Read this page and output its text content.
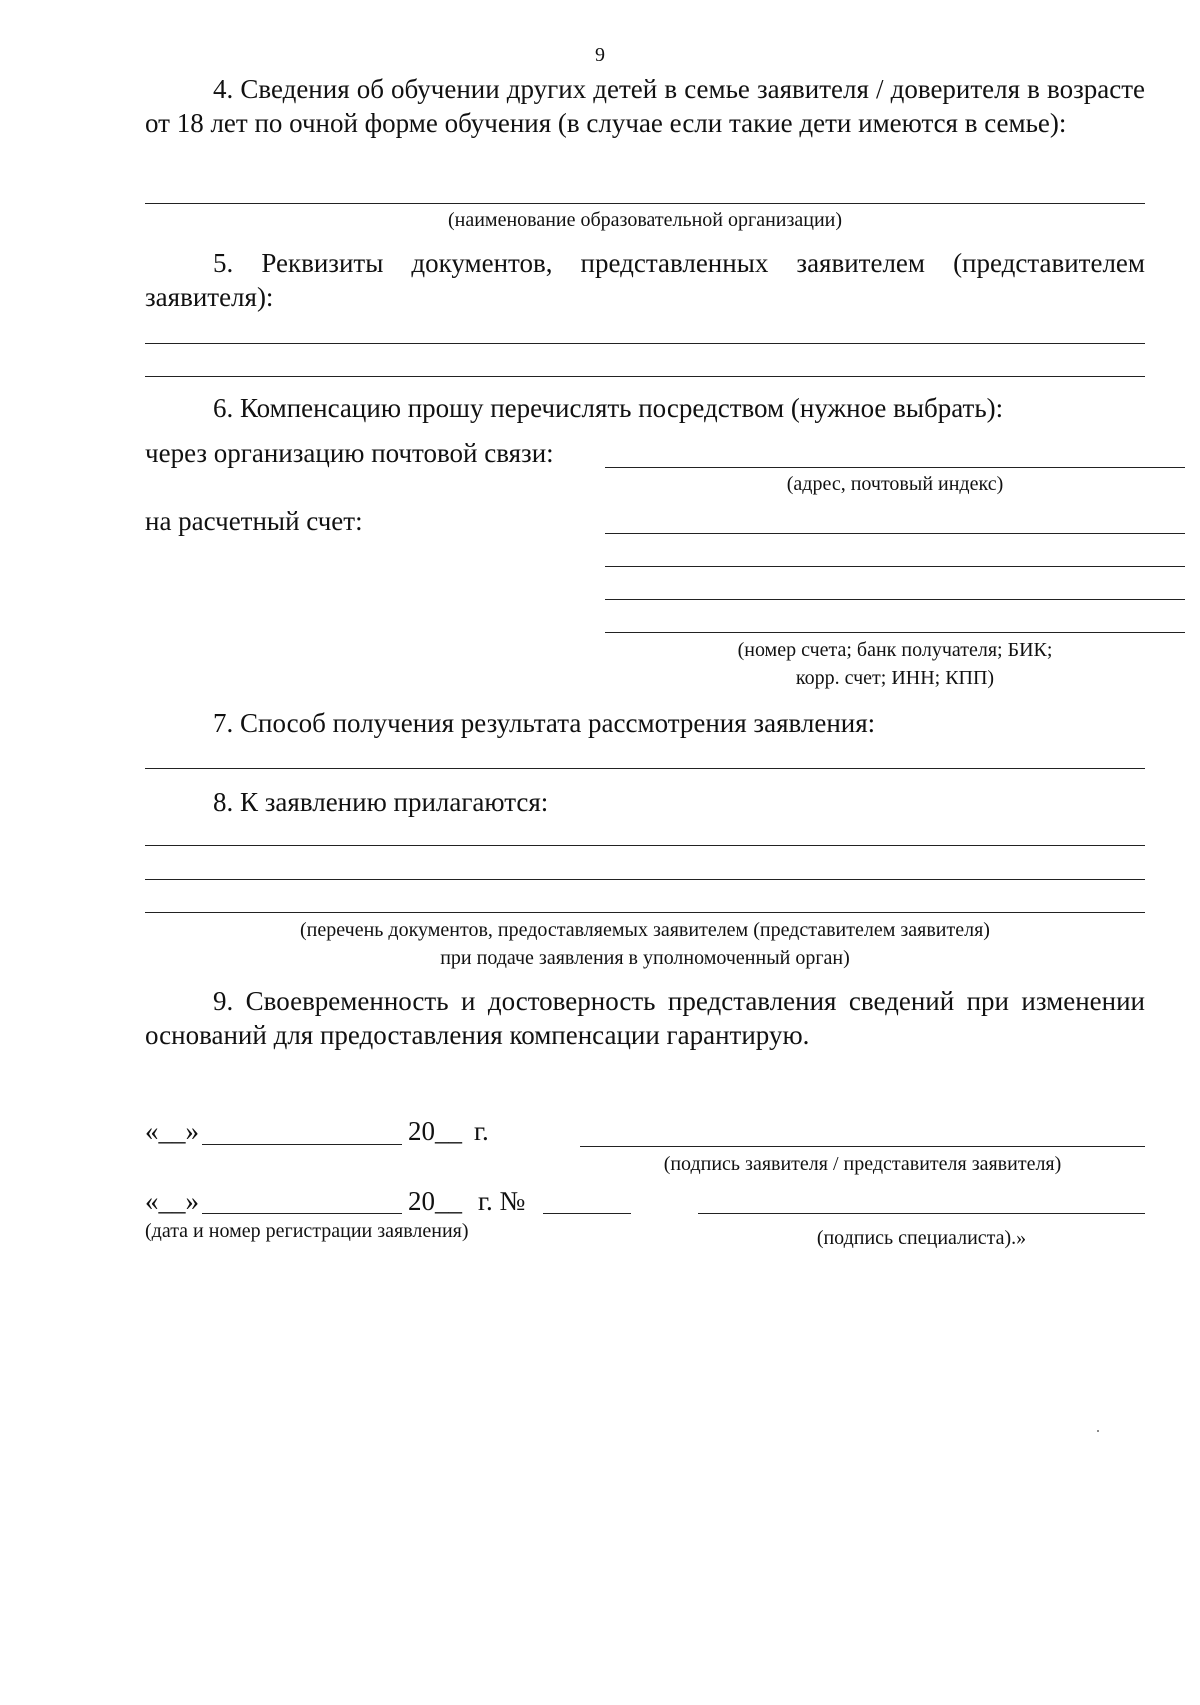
9
4. Сведения об обучении других детей в семье заявителя / доверителя в возрасте от 18 лет по очной форме обучения (в случае если такие дети имеются в семье):
(наименование образовательной организации)
5. Реквизиты документов, представленных заявителем (представителем заявителя):
6. Компенсацию прошу перечислять посредством (нужное выбрать):
через организацию почтовой связи:
(адрес, почтовый индекс)
на расчетный счет:
(номер счета; банк получателя; БИК;
корр. счет; ИНН; КПП)
7. Способ получения результата рассмотрения заявления:
8. К заявлению прилагаются:
(перечень документов, предоставляемых заявителем (представителем заявителя)
при подаче заявления в уполномоченный орган)
9. Своевременность и достоверность представления сведений при изменении оснований для предоставления компенсации гарантирую.
«__»	20__ г.
(подпись заявителя / представителя заявителя)
«__»	20__ г. №
(дата и номер регистрации заявления)	(подпись специалиста).»
